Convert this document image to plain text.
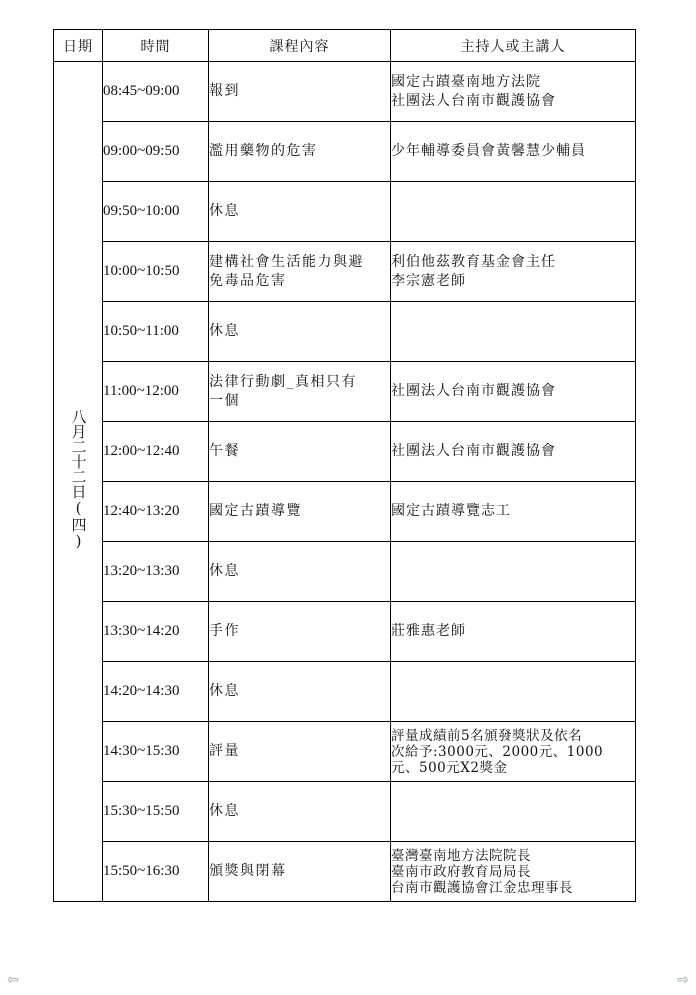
日期	時間	課程內容	主持人或主講人
八月二十二日(四)	08:45~09:00	報到	國定古蹟臺南地方法院
社團法人台南市觀護協會

	09:00~09:50	濫用藥物的危害	少年輔導委員會黃馨慧少輔員

	09:50~10:00	休息	

	10:00~10:50	建構社會生活能力與避
免毒品危害	利伯他茲教育基金會主任
李宗憲老師

	10:50~11:00	休息	

	11:00~12:00	法律行動劇_真相只有
一個	社團法人台南市觀護協會

	12:00~12:40	午餐	社團法人台南市觀護協會

	12:40~13:20	國定古蹟導覽	國定古蹟導覽志工

	13:20~13:30	休息	

	13:30~14:20	手作	莊雅惠老師

	14:20~14:30	休息	

	14:30~15:30	評量	評量成績前5名頒發獎狀及依名
次給予:3000元、2000元、1000
元、500元X2獎金

	15:30~15:50	休息	

	15:50~16:30	頒獎與閉幕	臺灣臺南地方法院院長
臺南市政府教育局局長
台南市觀護協會江金忠理事長
⇦	⇨
